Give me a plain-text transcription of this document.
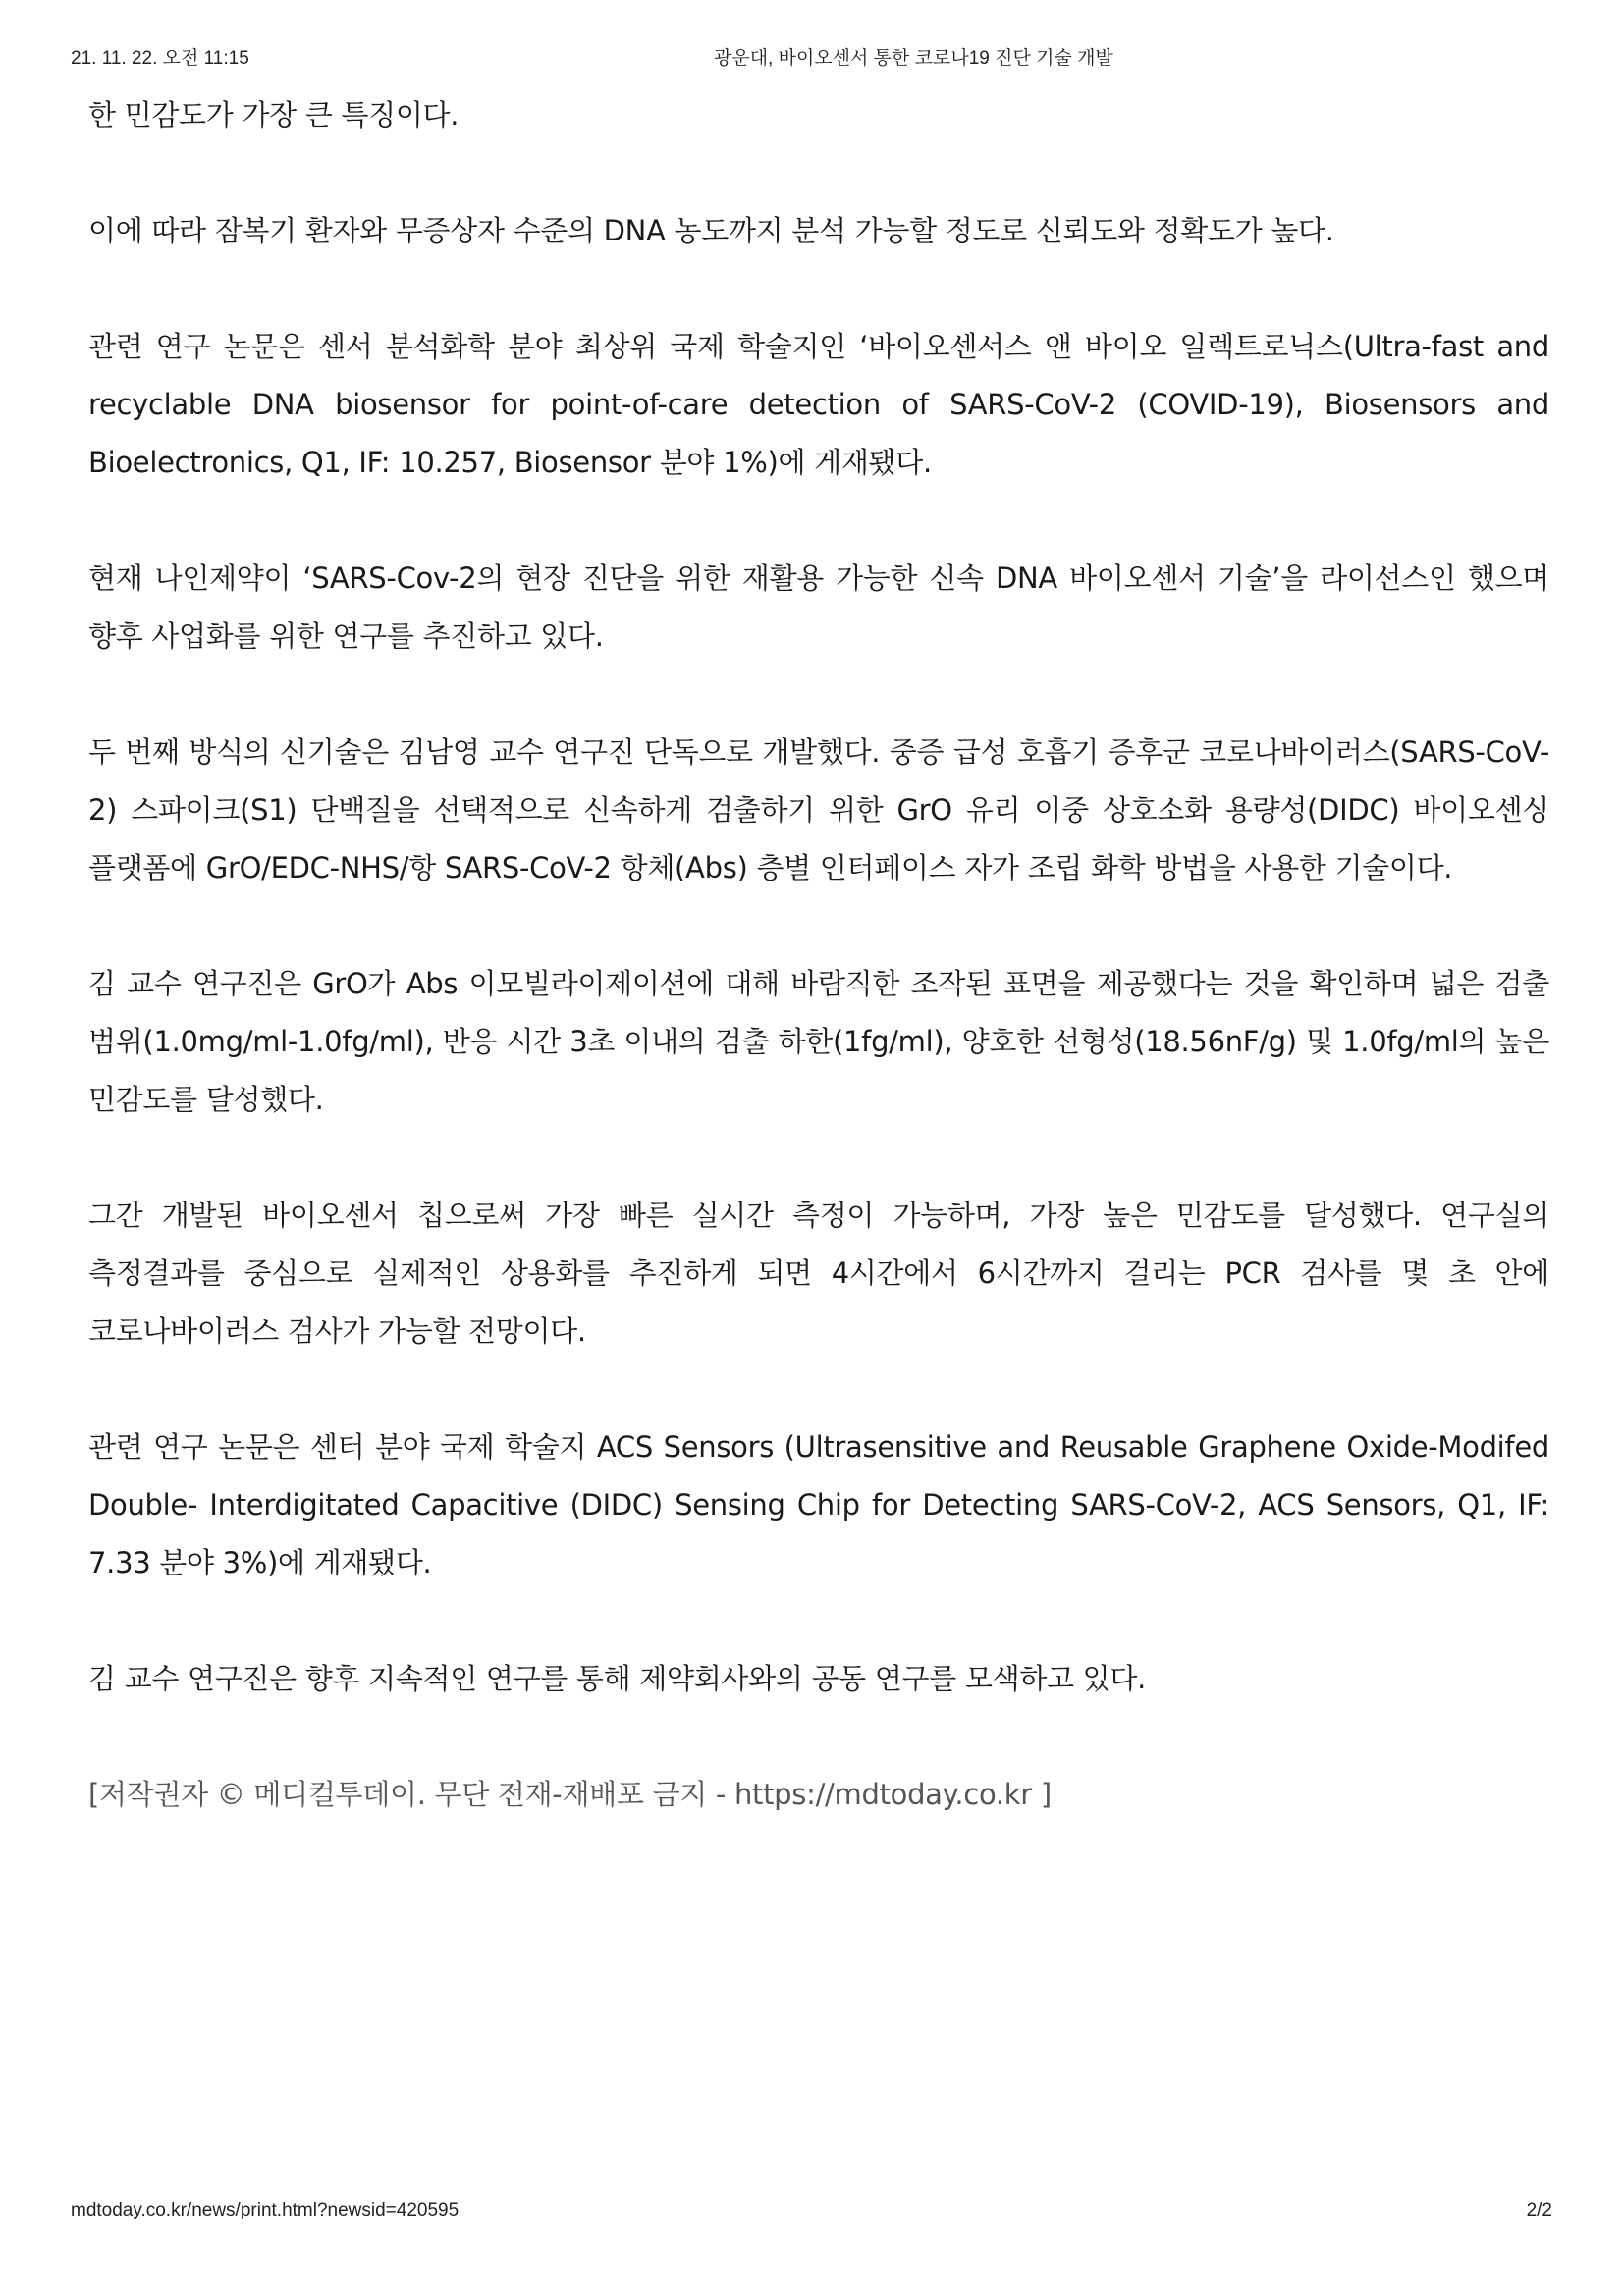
21. 11. 22. 오전 11:15	광운대, 바이오센서 통한 코로나19 진단 기술 개발

한 민감도가 가장 큰 특징이다.

이에 따라 잠복기 환자와 무증상자 수준의 DNA 농도까지 분석 가능할 정도로 신뢰도와 정확도가 높다.

관련 연구 논문은 센서 분석화학 분야 최상위 국제 학술지인 ‘바이오센서스 앤 바이오 일렉트로닉스(Ultra-fast and recyclable DNA biosensor for point-of-care detection of SARS-CoV-2 (COVID-19), Biosensors and Bioelectronics, Q1, IF: 10.257, Biosensor 분야 1%)에 게재됐다.

현재 나인제약이 ‘SARS-Cov-2의 현장 진단을 위한 재활용 가능한 신속 DNA 바이오센서 기술’을 라이선스인 했으며 향후 사업화를 위한 연구를 추진하고 있다.

두 번째 방식의 신기술은 김남영 교수 연구진 단독으로 개발했다. 중증 급성 호흡기 증후군 코로나바이러스(SARS-CoV-2) 스파이크(S1) 단백질을 선택적으로 신속하게 검출하기 위한 GrO 유리 이중 상호소화 용량성(DIDC) 바이오센싱 플랫폼에 GrO/EDC-NHS/항 SARS-CoV-2 항체(Abs) 층별 인터페이스 자가 조립 화학 방법을 사용한 기술이다.

김 교수 연구진은 GrO가 Abs 이모빌라이제이션에 대해 바람직한 조작된 표면을 제공했다는 것을 확인하며 넓은 검출 범위(1.0mg/ml-1.0fg/ml), 반응 시간 3초 이내의 검출 하한(1fg/ml), 양호한 선형성(18.56nF/g) 및 1.0fg/ml의 높은 민감도를 달성했다.

그간 개발된 바이오센서 칩으로써 가장 빠른 실시간 측정이 가능하며, 가장 높은 민감도를 달성했다. 연구실의 측정결과를 중심으로 실제적인 상용화를 추진하게 되면 4시간에서 6시간까지 걸리는 PCR 검사를 몇 초 안에 코로나바이러스 검사가 가능할 전망이다.

관련 연구 논문은 센터 분야 국제 학술지 ACS Sensors (Ultrasensitive and Reusable Graphene Oxide-Modifed Double- Interdigitated Capacitive (DIDC) Sensing Chip for Detecting SARS-CoV-2, ACS Sensors, Q1, IF: 7.33 분야 3%)에 게재됐다.

김 교수 연구진은 향후 지속적인 연구를 통해 제약회사와의 공동 연구를 모색하고 있다.

[저작권자 © 메디컬투데이. 무단 전재-재배포 금지 - https://mdtoday.co.kr ]

mdtoday.co.kr/news/print.html?newsid=420595	2/2
